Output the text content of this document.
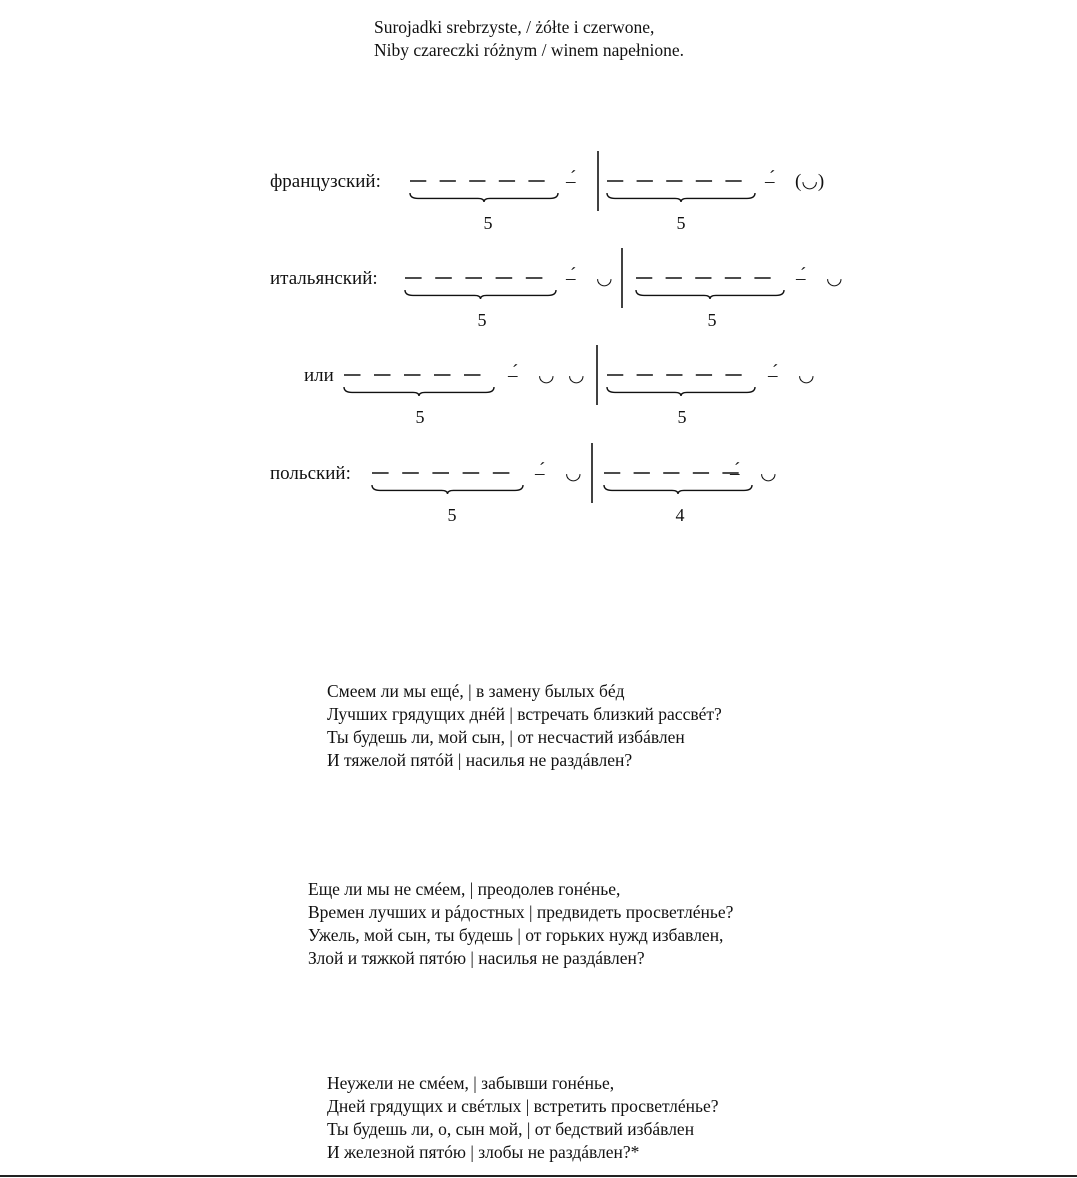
Surojadki srebrzyste, / żółte i czerwone,
Niby czareczki różnym / winem napełnione.
французский:	–́	–́ (◡)
5	5
итальянский:	–́ ◡	–́ ◡
5	5
или	–́ ◡ ◡	–́ ◡
5	5
польский:	–́ ◡	–́ ◡
5	4
Смеем ли мы ещé, | в замену былых бéд
Лучших грядущих днéй | встречать близкий рассвéт?
Ты будешь ли, мой сын, | от несчастий избáвлен
И тяжелой пятóй | насилья не раздáвлен?
Еще ли мы не смéем, | преодолев гонéнье,
Времен лучших и рáдостных | предвидеть просветлéнье?
Ужель, мой сын, ты будешь | от горьких нужд избавлен,
Злой и тяжкой пятóю | насилья не раздáвлен?
Неужели не смéем, | забывши гонéнье,
Дней грядущих и свéтлых | встретить просветлéнье?
Ты будешь ли, о, сын мой, | от бедствий избáвлен
И железной пятóю | злобы не раздáвлен?*
